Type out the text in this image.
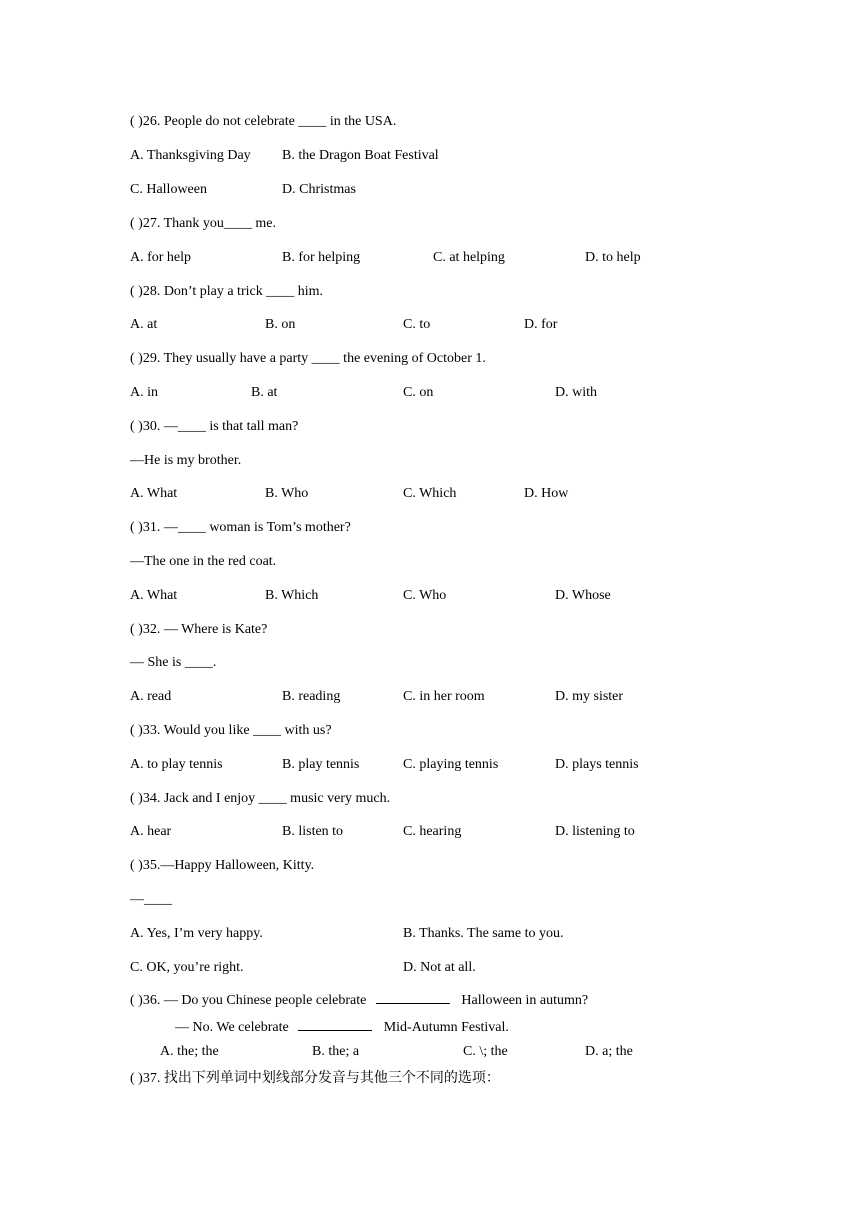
( )26. People do not celebrate ____ in the USA.
A. Thanksgiving Day B. the Dragon Boat Festival
C. Halloween	D. Christmas
( )27. Thank you____ me.
A. for help	B. for helping	C. at helping	D. to help
( )28. Don’t play a trick ____ him.
A. at	B. on	C. to	D. for
( )29. They usually have a party ____ the evening of October 1.
A. in	B. at	C. on	D. with
( )30. —____ is that tall man?
—He is my brother.
A. What	B. Who	C. Which	D. How
( )31. —____ woman is Tom’s mother?
—The one in the red coat.
A. What	B. Which	C. Who	D. Whose
( )32. — Where is Kate?
— She is ____.
A. read	B. reading	C. in her room	D. my sister
( )33. Would you like ____ with us?
A. to play tennis	B. play tennis	C. playing tennis	D. plays tennis
( )34. Jack and I enjoy ____ music very much.
A. hear	B. listen to	C. hearing	D. listening to
( )35.—Happy Halloween, Kitty.
—____
A. Yes, I’m very happy.	B. Thanks. The same to you.
C. OK, you’re right.	D. Not at all.
( )36. — Do you Chinese people celebrate	Halloween in autumn?
— No. We celebrate	Mid-Autumn Festival.
A. the; the	B. the; a	C. \; the	D. a; the
( )37. 找出下列单词中划线部分发音与其他三个不同的选项：
